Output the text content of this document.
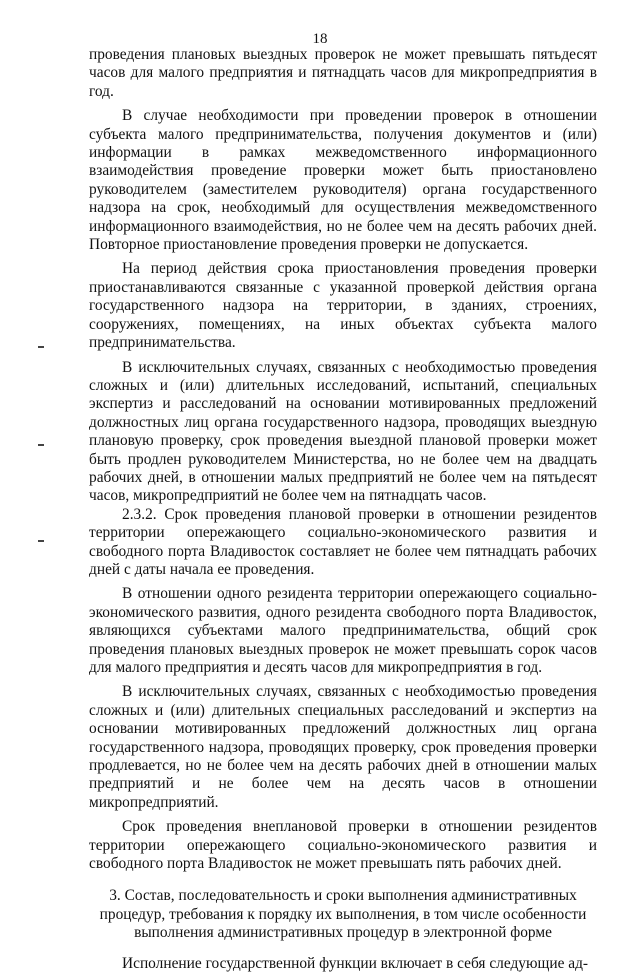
18

проведения плановых выездных проверок не может превышать пятьдесят часов для малого предприятия и пятнадцать часов для микропредприятия в год.

В случае необходимости при проведении проверок в отношении субъекта малого предпринимательства, получения документов и (или) информации в рамках межведомственного информационного взаимодействия проведение проверки может быть приостановлено руководителем (заместителем руководителя) органа государственного надзора на срок, необходимый для осуществления межведомственного информационного взаимодействия, но не более чем на десять рабочих дней. Повторное приостановление проведения проверки не допускается.

На период действия срока приостановления проведения проверки приостанавливаются связанные с указанной проверкой действия органа государственного надзора на территории, в зданиях, строениях, сооружениях, помещениях, на иных объектах субъекта малого предпринимательства.

В исключительных случаях, связанных с необходимостью проведения сложных и (или) длительных исследований, испытаний, специальных экспертиз и расследований на основании мотивированных предложений должностных лиц органа государственного надзора, проводящих выездную плановую проверку, срок проведения выездной плановой проверки может быть продлен руководителем Министерства, но не более чем на двадцать рабочих дней, в отношении малых предприятий не более чем на пятьдесят часов, микропредприятий не более чем на пятнадцать часов.

2.3.2. Срок проведения плановой проверки в отношении резидентов территории опережающего социально-экономического развития и свободного порта Владивосток составляет не более чем пятнадцать рабочих дней с даты начала ее проведения.

В отношении одного резидента территории опережающего социально-экономического развития, одного резидента свободного порта Владивосток, являющихся субъектами малого предпринимательства, общий срок проведения плановых выездных проверок не может превышать сорок часов для малого предприятия и десять часов для микропредприятия в год.

В исключительных случаях, связанных с необходимостью проведения сложных и (или) длительных специальных расследований и экспертиз на основании мотивированных предложений должностных лиц органа государственного надзора, проводящих проверку, срок проведения проверки продлевается, но не более чем на десять рабочих дней в отношении малых предприятий и не более чем на десять часов в отношении микропредприятий.

Срок проведения внеплановой проверки в отношении резидентов территории опережающего социально-экономического развития и свободного порта Владивосток не может превышать пять рабочих дней.

3. Состав, последовательность и сроки выполнения административных процедур, требования к порядку их выполнения, в том числе особенности выполнения административных процедур в электронной форме

Исполнение государственной функции включает в себя следующие ад-
